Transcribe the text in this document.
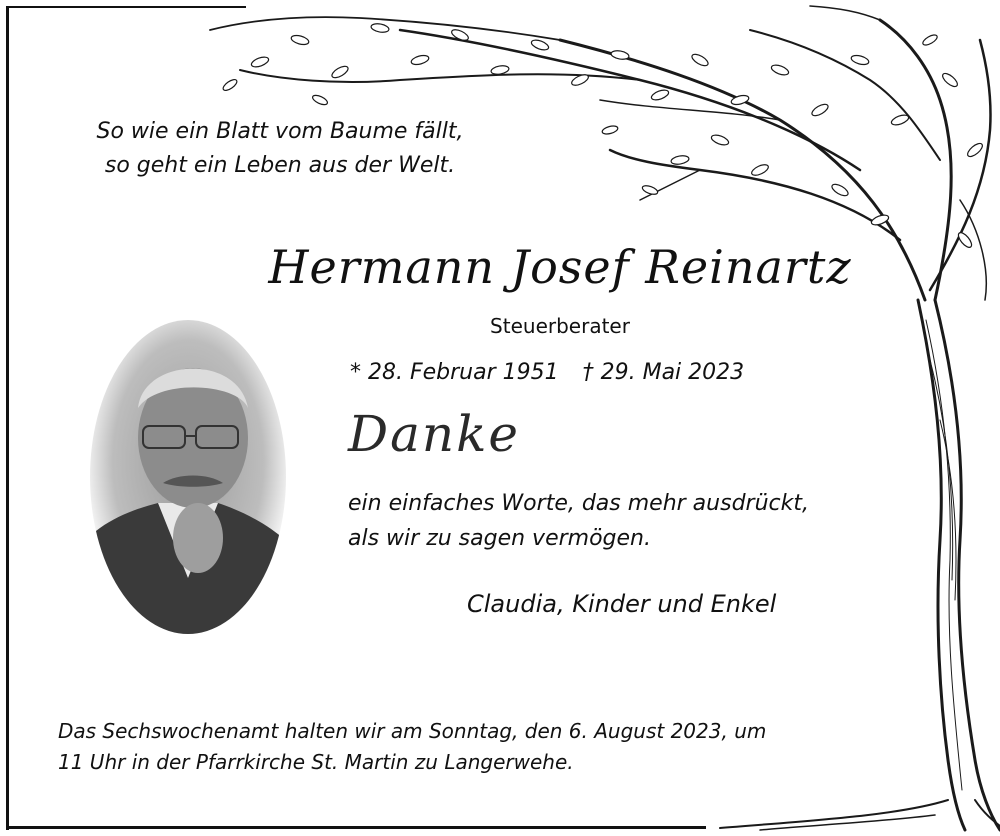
So wie ein Blatt vom Baume fällt,
so geht ein Leben aus der Welt.
Hermann Josef Reinartz
Steuerberater
* 28. Februar 1951 † 29. Mai 2023
Danke
ein einfaches Worte, das mehr ausdrückt,
als wir zu sagen vermögen.
Claudia, Kinder und Enkel
Das Sechswochenamt halten wir am Sonntag, den 6. August 2023, um
11 Uhr in der Pfarrkirche St. Martin zu Langerwehe.
